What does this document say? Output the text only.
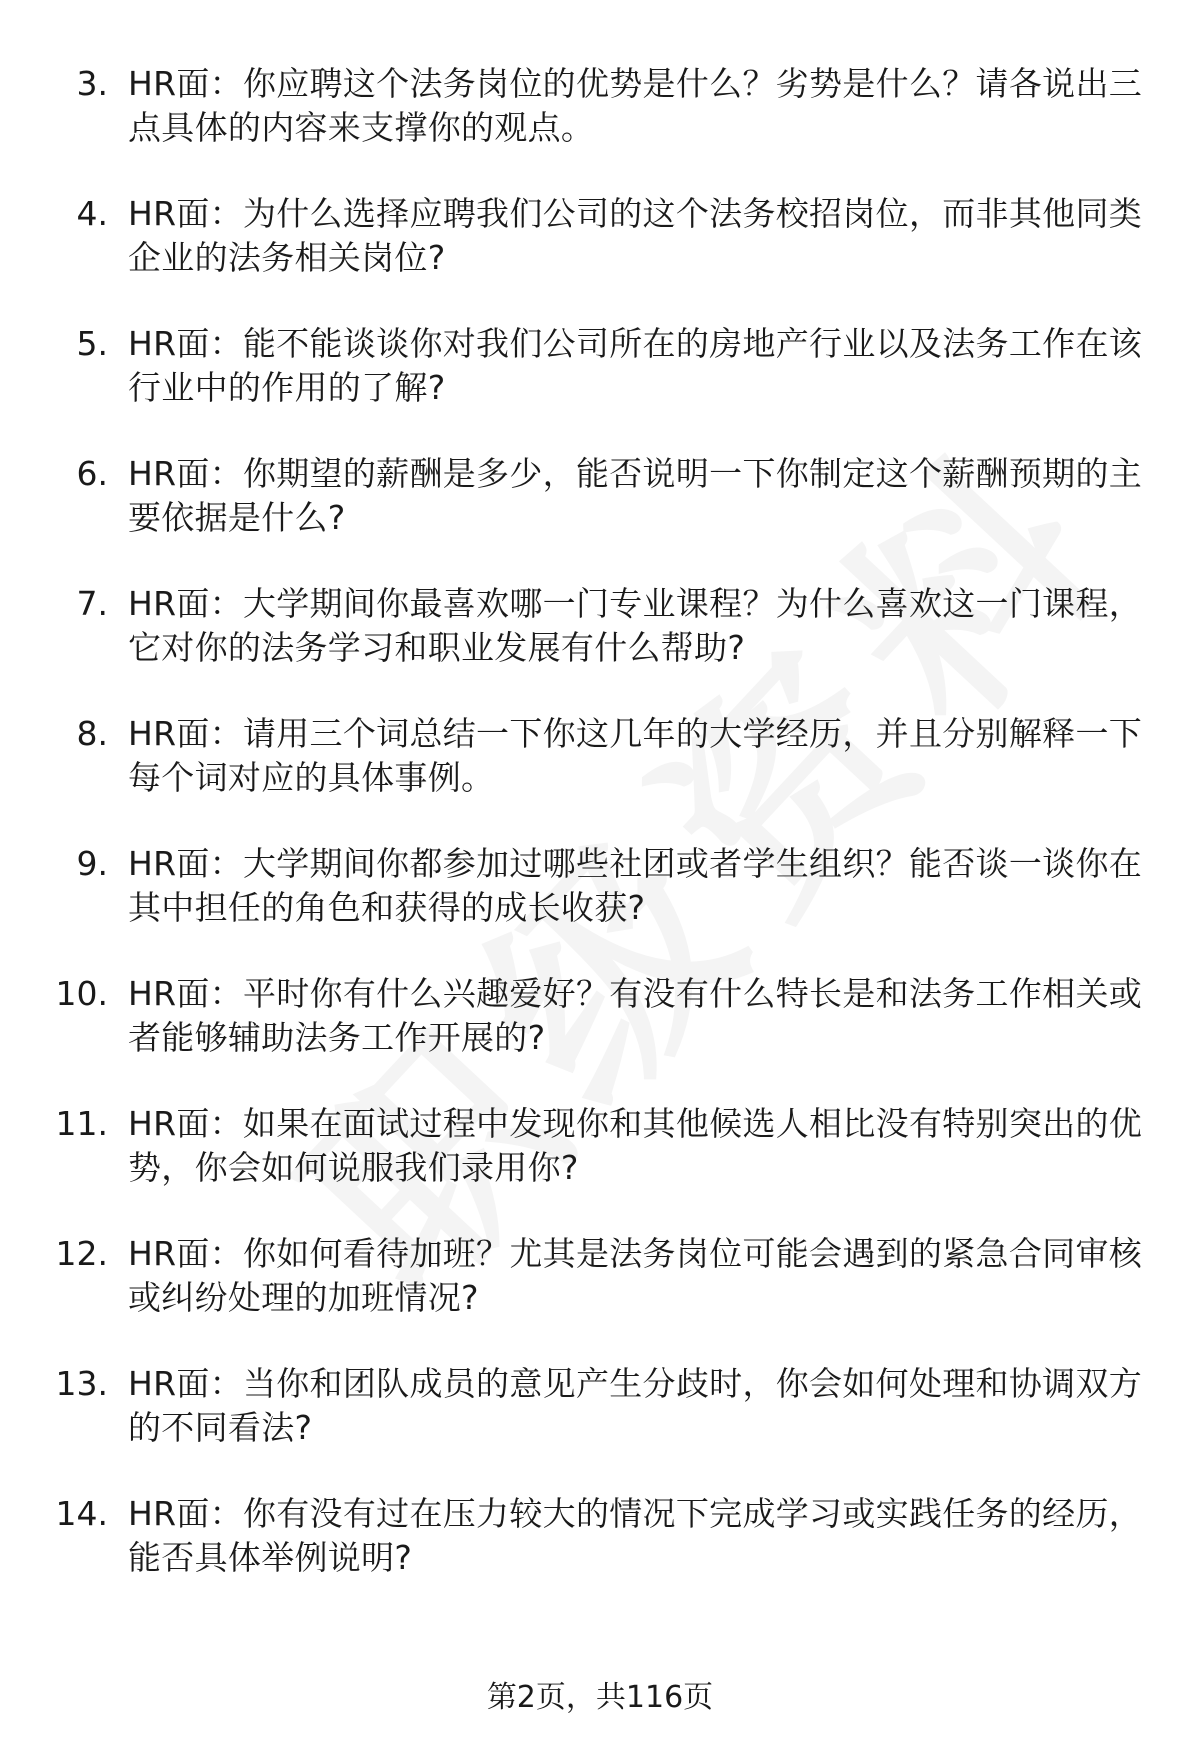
3. HR面：你应聘这个法务岗位的优势是什么？劣势是什么？请各说出三点具体的内容来支撑你的观点。

4. HR面：为什么选择应聘我们公司的这个法务校招岗位，而非其他同类企业的法务相关岗位?

5. HR面：能不能谈谈你对我们公司所在的房地产行业以及法务工作在该行业中的作用的了解?

6. HR面：你期望的薪酬是多少，能否说明一下你制定这个薪酬预期的主要依据是什么?

7. HR面：大学期间你最喜欢哪一门专业课程？为什么喜欢这一门课程，它对你的法务学习和职业发展有什么帮助?

8. HR面：请用三个词总结一下你这几年的大学经历，并且分别解释一下每个词对应的具体事例。

9. HR面：大学期间你都参加过哪些社团或者学生组织？能否谈一谈你在其中担任的角色和获得的成长收获?

10. HR面：平时你有什么兴趣爱好？有没有什么特长是和法务工作相关或者能够辅助法务工作开展的?

11. HR面：如果在面试过程中发现你和其他候选人相比没有特别突出的优势，你会如何说服我们录用你?

12. HR面：你如何看待加班？尤其是法务岗位可能会遇到的紧急合同审核或纠纷处理的加班情况?

13. HR面：当你和团队成员的意见产生分歧时，你会如何处理和协调双方的不同看法?

14. HR面：你有没有过在压力较大的情况下完成学习或实践任务的经历，能否具体举例说明?

第2页，共116页
